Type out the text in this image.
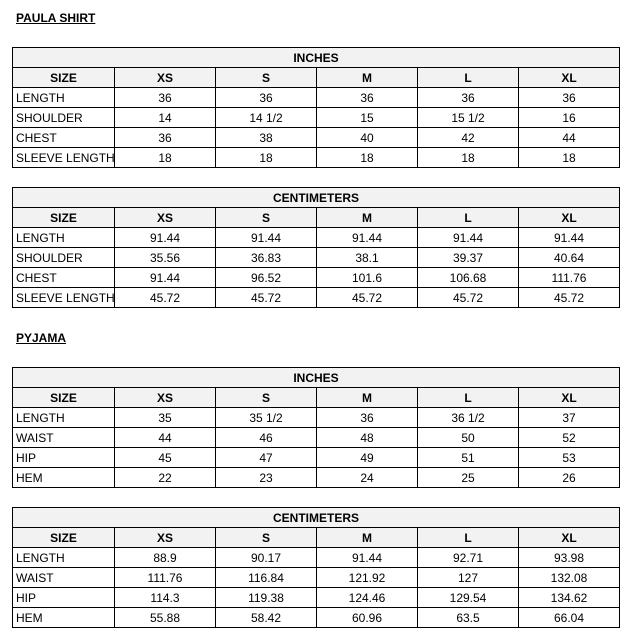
PAULA SHIRT
INCHES					
SIZE	XS	S	M	L	XL
LENGTH	36	36	36	36	36
SHOULDER	14	14 1/2	15	15 1/2	16
CHEST	36	38	40	42	44
SLEEVE LENGTH	18	18	18	18	18
CENTIMETERS					
SIZE	XS	S	M	L	XL
LENGTH	91.44	91.44	91.44	91.44	91.44
SHOULDER	35.56	36.83	38.1	39.37	40.64
CHEST	91.44	96.52	101.6	106.68	111.76
SLEEVE LENGTH	45.72	45.72	45.72	45.72	45.72
PYJAMA
INCHES					
SIZE	XS	S	M	L	XL
LENGTH	35	35 1/2	36	36 1/2	37
WAIST	44	46	48	50	52
HIP	45	47	49	51	53
HEM	22	23	24	25	26
CENTIMETERS					
SIZE	XS	S	M	L	XL
LENGTH	88.9	90.17	91.44	92.71	93.98
WAIST	111.76	116.84	121.92	127	132.08
HIP	114.3	119.38	124.46	129.54	134.62
HEM	55.88	58.42	60.96	63.5	66.04
